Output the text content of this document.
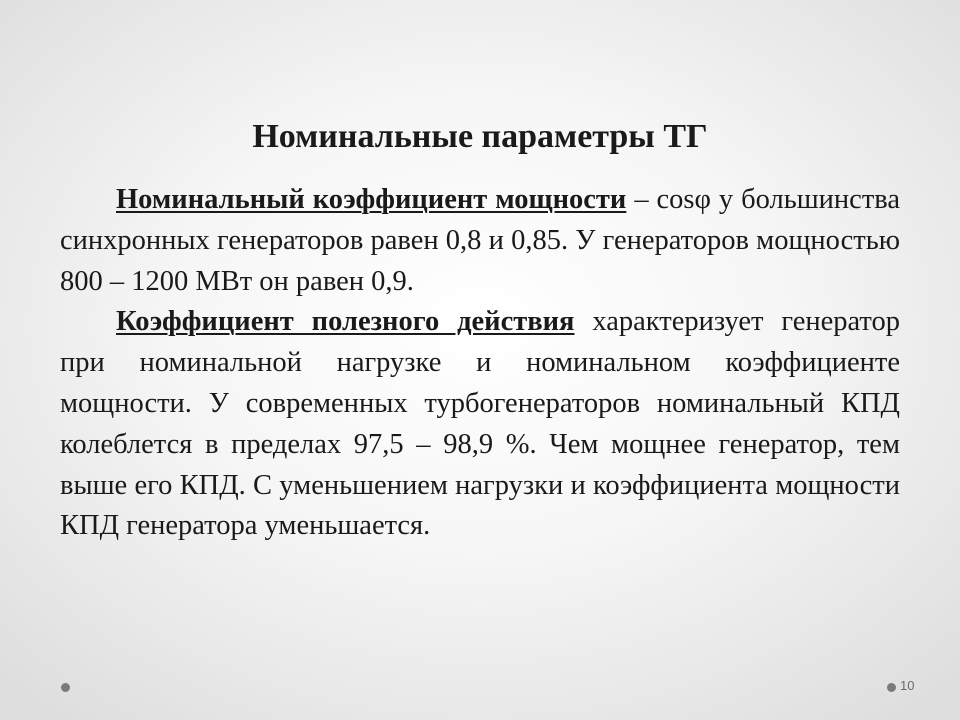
Номинальные параметры ТГ

Номинальный коэффициент мощности – cosφ у большинства синхронных генераторов равен 0,8 и 0,85. У генераторов мощностью 800 – 1200 МВт он равен 0,9.

Коэффициент полезного действия характеризует генератор при номинальной нагрузке и номинальном коэффициенте мощности. У современных турбогенераторов номинальный КПД колеблется в пределах 97,5 – 98,9 %. Чем мощнее генератор, тем выше его КПД. С уменьшением нагрузки и коэффициента мощности КПД генератора уменьшается.

10
